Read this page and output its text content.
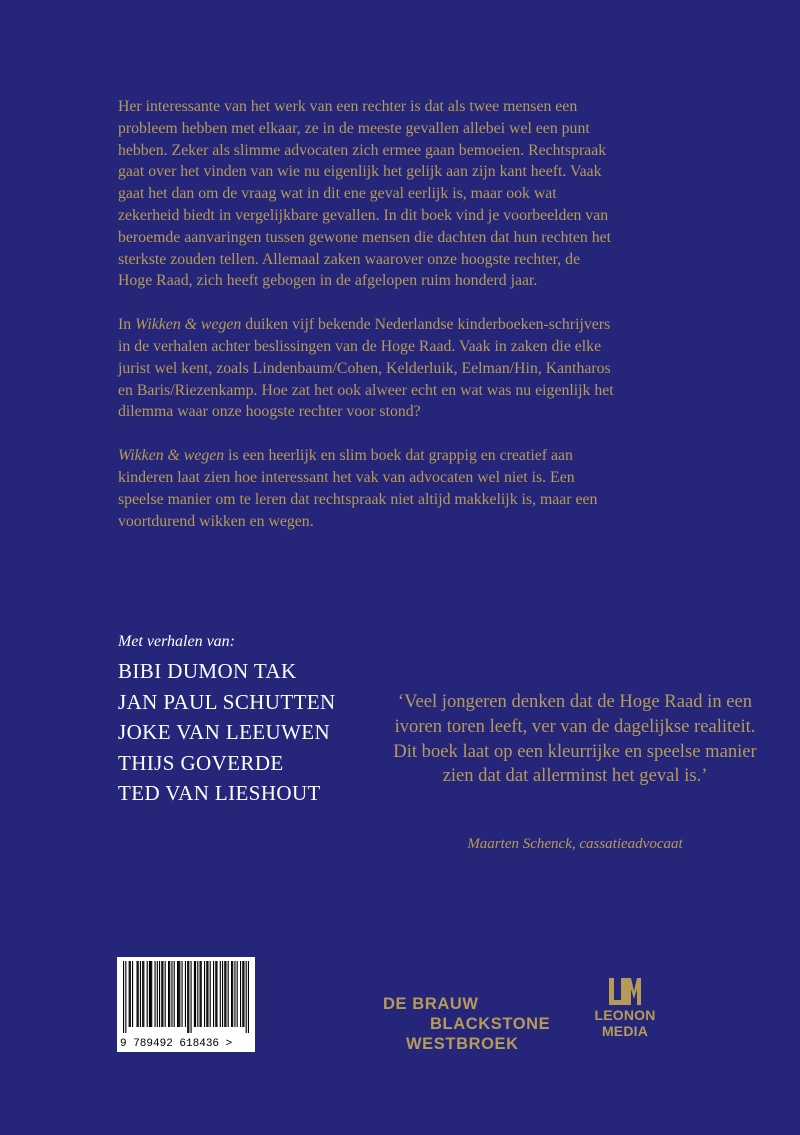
Her interessante van het werk van een rechter is dat als twee mensen een probleem hebben met elkaar, ze in de meeste gevallen allebei wel een punt hebben. Zeker als slimme advocaten zich ermee gaan bemoeien. Rechtspraak gaat over het vinden van wie nu eigenlijk het gelijk aan zijn kant heeft. Vaak gaat het dan om de vraag wat in dit ene geval eerlijk is, maar ook wat zekerheid biedt in vergelijkbare gevallen. In dit boek vind je voorbeelden van beroemde aanvaringen tussen gewone mensen die dachten dat hun rechten het sterkste zouden tellen. Allemaal zaken waarover onze hoogste rechter, de Hoge Raad, zich heeft gebogen in de afgelopen ruim honderd jaar.

In Wikken & wegen duiken vijf bekende Nederlandse kinderboeken-schrijvers in de verhalen achter beslissingen van de Hoge Raad. Vaak in zaken die elke jurist wel kent, zoals Lindenbaum/Cohen, Kelderluik, Eelman/Hin, Kantharos en Baris/Riezenkamp. Hoe zat het ook alweer echt en wat was nu eigenlijk het dilemma waar onze hoogste rechter voor stond?

Wikken & wegen is een heerlijk en slim boek dat grappig en creatief aan kinderen laat zien hoe interessant het vak van advocaten wel niet is. Een speelse manier om te leren dat rechtspraak niet altijd makkelijk is, maar een voortdurend wikken en wegen.

Met verhalen van:
BIBI DUMON TAK
JAN PAUL SCHUTTEN
JOKE VAN LEEUWEN
THIJS GOVERDE
TED VAN LIESHOUT
‘Veel jongeren denken dat de Hoge Raad in een ivoren toren leeft, ver van de dagelijkse realiteit. Dit boek laat op een kleurrijke en speelse manier zien dat dat allerminst het geval is.’
Maarten Schenck, cassatieadvocaat
9 789492 618436 >
DE BRAUW
BLACKSTONE
WESTBROEK
LEONON
MEDIA
